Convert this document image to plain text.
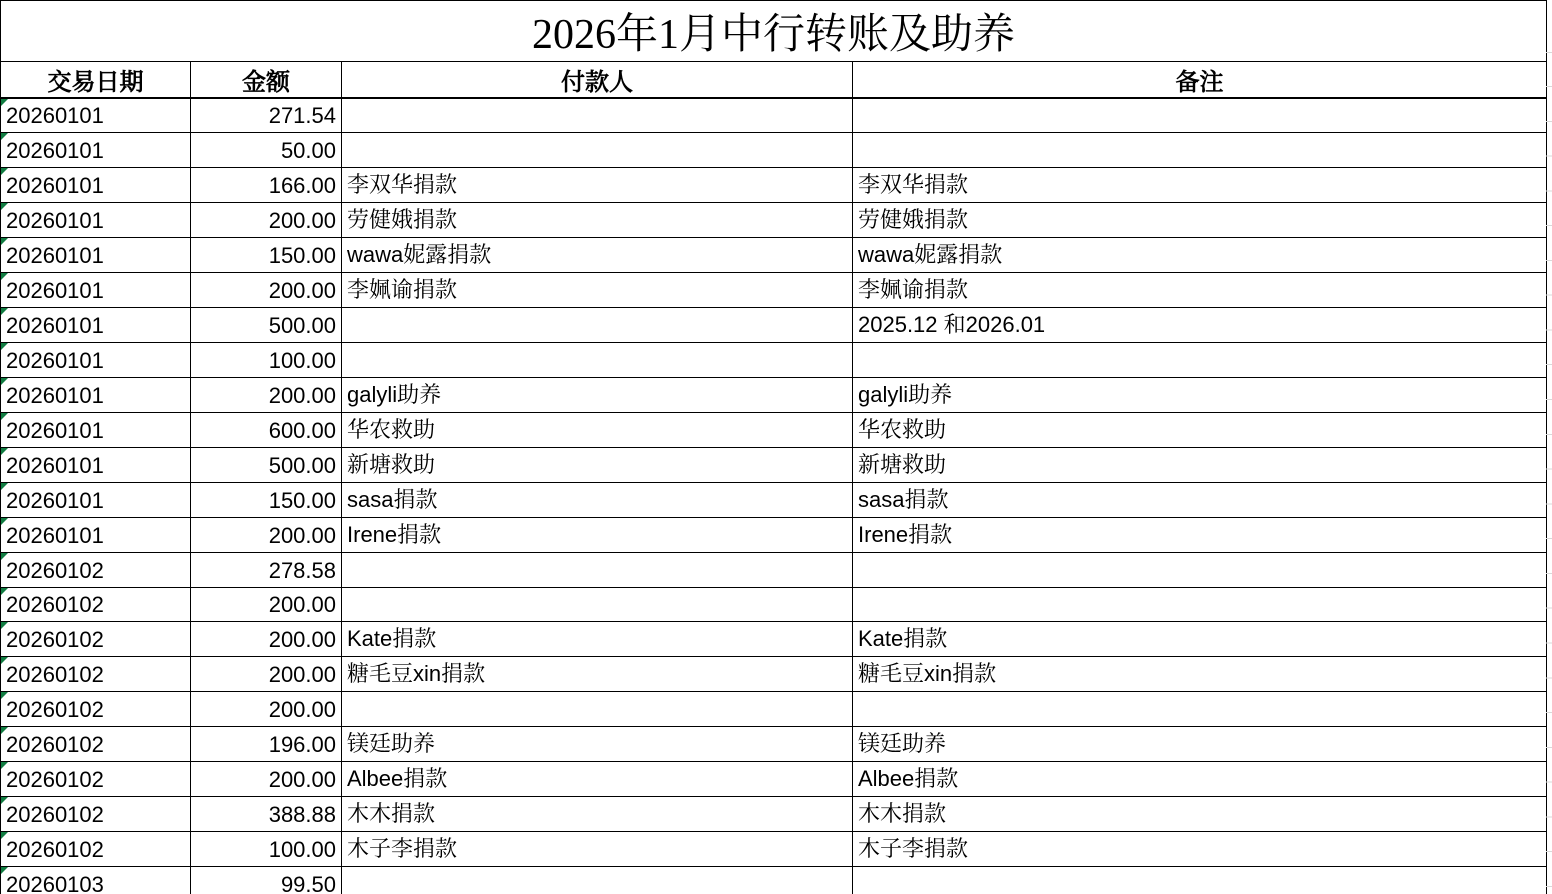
2026年1月中行转账及助养			
交易日期	金额	付款人	备注

20260101	271.54		

20260101	50.00		

20260101	166.00	李双华捐款	李双华捐款

20260101	200.00	劳健娥捐款	劳健娥捐款

20260101	150.00	wawa妮露捐款	wawa妮露捐款

20260101	200.00	李姵谕捐款	李姵谕捐款

20260101	500.00		2025.12 和2026.01

20260101	100.00		

20260101	200.00	galyli助养	galyli助养

20260101	600.00	华农救助	华农救助

20260101	500.00	新塘救助	新塘救助

20260101	150.00	sasa捐款	sasa捐款

20260101	200.00	Irene捐款	Irene捐款

20260102	278.58		

20260102	200.00		

20260102	200.00	Kate捐款	Kate捐款

20260102	200.00	糖毛豆xin捐款	糖毛豆xin捐款

20260102	200.00		

20260102	196.00	镁廷助养	镁廷助养

20260102	200.00	Albee捐款	Albee捐款

20260102	388.88	木木捐款	木木捐款

20260102	100.00	木子李捐款	木子李捐款

20260103	99.50		
